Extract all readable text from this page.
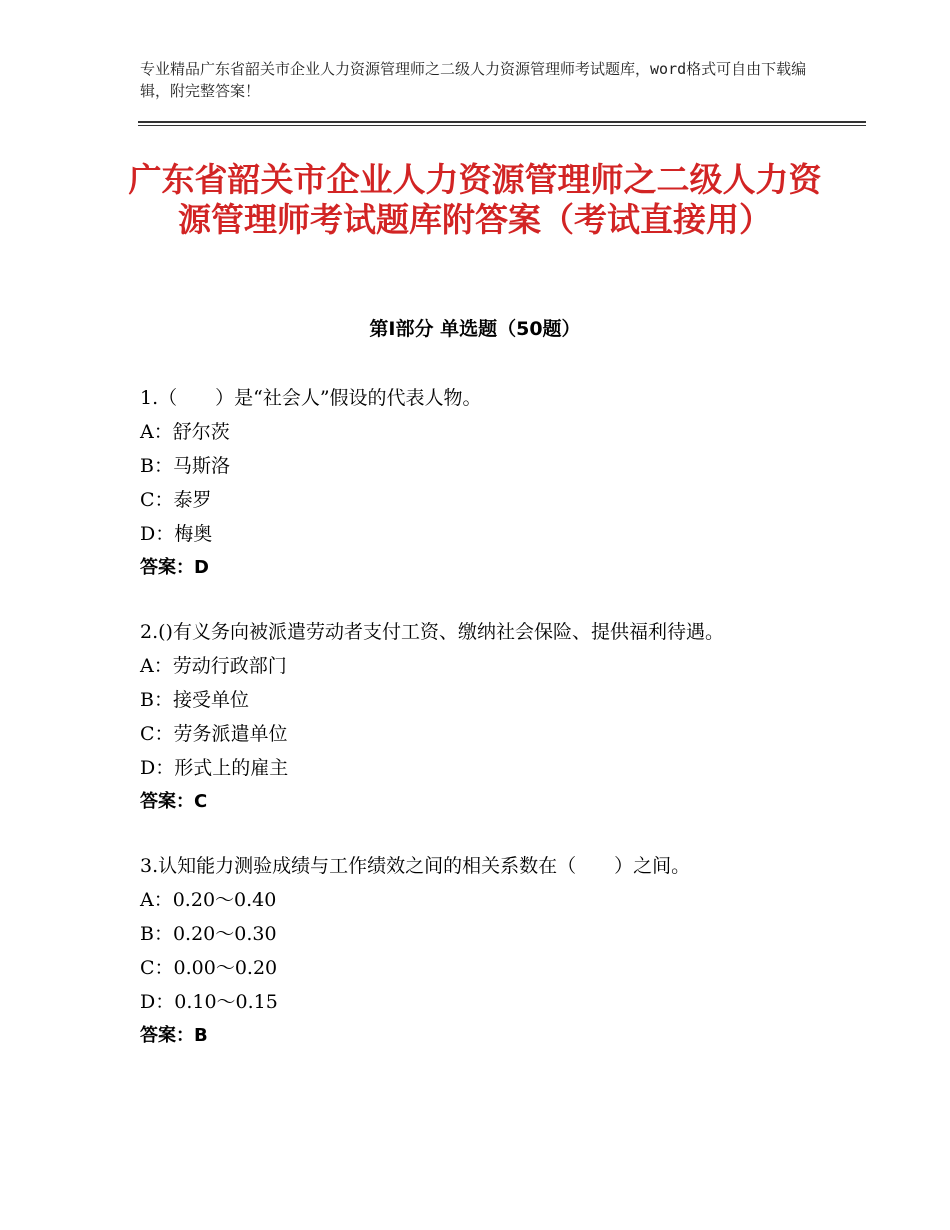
专业精品广东省韶关市企业人力资源管理师之二级人力资源管理师考试题库，word格式可自由下载编辑，附完整答案！
广东省韶关市企业人力资源管理师之二级人力资源管理师考试题库附答案（考试直接用）
第Ⅰ部分 单选题（50题）
1.（　　）是“社会人”假设的代表人物。
A：舒尔茨
B：马斯洛
C：泰罗
D：梅奥
答案：D
2.()有义务向被派遣劳动者支付工资、缴纳社会保险、提供福利待遇。
A：劳动行政部门
B：接受单位
C：劳务派遣单位
D：形式上的雇主
答案：C
3.认知能力测验成绩与工作绩效之间的相关系数在（　　）之间。
A：0.20～0.40
B：0.20～0.30
C：0.00～0.20
D：0.10～0.15
答案：B
